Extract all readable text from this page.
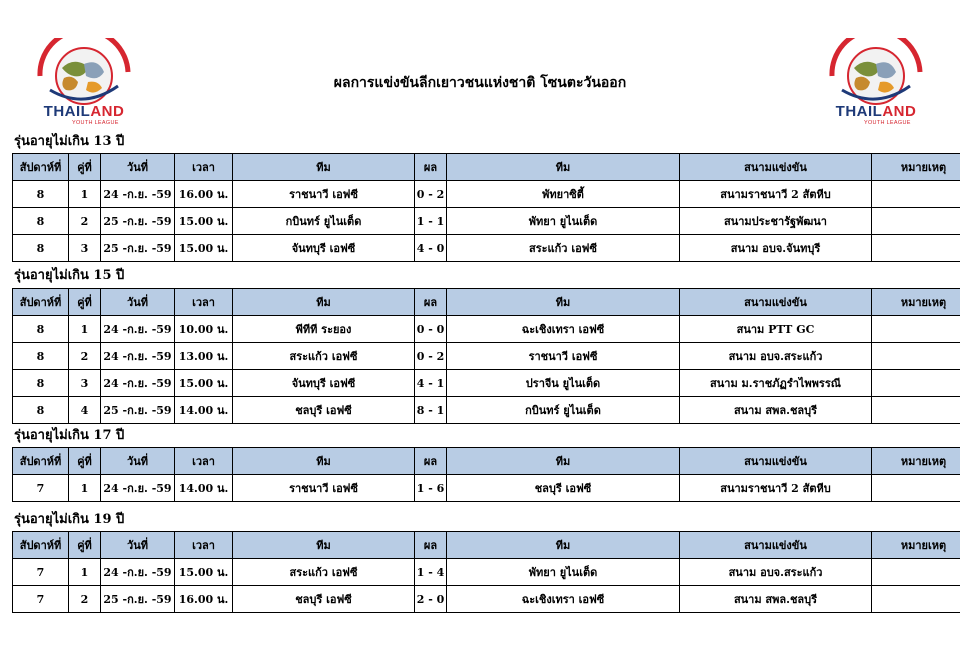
THAILAND
YOUTH LEAGUE
THAILAND
YOUTH LEAGUE
ผลการแข่งขันลีกเยาวชนแห่งชาติ โซนตะวันออก
รุ่นอายุไม่เกิน 13 ปี
สัปดาห์ที่	คู่ที่	วันที่	เวลา	ทีม	ผล	ทีม	สนามแข่งขัน	หมายเหตุ
8	1	24 -ก.ย. -59	16.00 น.	ราชนาวี เอฟซี	0 - 2	พัทยาซิตี้	สนามราชนาวี 2 สัตหีบ	
8	2	25 -ก.ย. -59	15.00 น.	กบินทร์ ยูไนเต็ด	1 - 1	พัทยา ยูไนเต็ด	สนามประชารัฐพัฒนา	
8	3	25 -ก.ย. -59	15.00 น.	จันทบุรี เอฟซี	4 - 0	สระแก้ว เอฟซี	สนาม อบจ.จันทบุรี	
รุ่นอายุไม่เกิน 15 ปี
สัปดาห์ที่	คู่ที่	วันที่	เวลา	ทีม	ผล	ทีม	สนามแข่งขัน	หมายเหตุ
8	1	24 -ก.ย. -59	10.00 น.	พีทีที ระยอง	0 - 0	ฉะเชิงเทรา เอฟซี	สนาม PTT GC	
8	2	24 -ก.ย. -59	13.00 น.	สระแก้ว เอฟซี	0 - 2	ราชนาวี เอฟซี	สนาม อบจ.สระแก้ว	
8	3	24 -ก.ย. -59	15.00 น.	จันทบุรี เอฟซี	4 - 1	ปราจีน ยูไนเต็ด	สนาม ม.ราชภัฏรำไพพรรณี	
8	4	25 -ก.ย. -59	14.00 น.	ชลบุรี เอฟซี	8 - 1	กบินทร์ ยูไนเต็ด	สนาม สพล.ชลบุรี	
รุ่นอายุไม่เกิน 17 ปี
สัปดาห์ที่	คู่ที่	วันที่	เวลา	ทีม	ผล	ทีม	สนามแข่งขัน	หมายเหตุ
7	1	24 -ก.ย. -59	14.00 น.	ราชนาวี เอฟซี	1 - 6	ชลบุรี เอฟซี	สนามราชนาวี 2 สัตหีบ	
รุ่นอายุไม่เกิน 19 ปี
สัปดาห์ที่	คู่ที่	วันที่	เวลา	ทีม	ผล	ทีม	สนามแข่งขัน	หมายเหตุ
7	1	24 -ก.ย. -59	15.00 น.	สระแก้ว เอฟซี	1 - 4	พัทยา ยูไนเต็ด	สนาม อบจ.สระแก้ว	
7	2	25 -ก.ย. -59	16.00 น.	ชลบุรี เอฟซี	2 - 0	ฉะเชิงเทรา เอฟซี	สนาม สพล.ชลบุรี	
